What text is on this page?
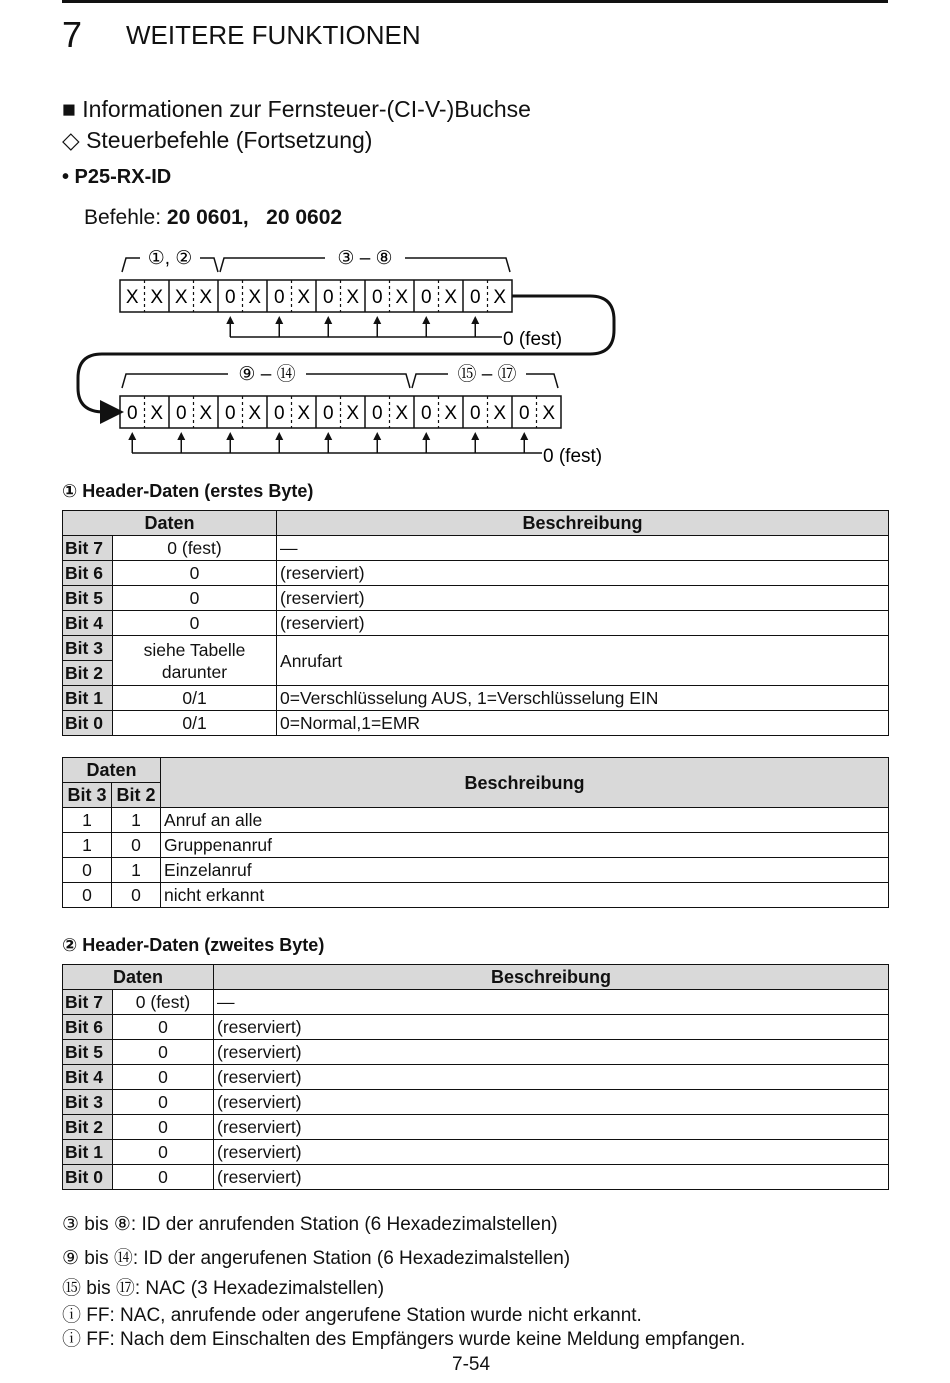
7 WEITERE FUNKTIONEN
■ Informationen zur Fernsteuer-(CI-V-)Buchse
◇ Steuerbefehle (Fortsetzung)
• P25-RX-ID
Befehle: 20 0601,   20 0602
①, ②	③ – ⑧
X X X X 0 X 0 X 0 X 0 X 0 X 0 X
0 (fest)
⑨ – ⑭	⑮ – ⑰
0 X 0 X 0 X 0 X 0 X 0 X 0 X 0 X 0 X
0 (fest)
① Header-Daten (erstes Byte)
Daten		Beschreibung
Bit 7	0 (fest)	—
Bit 6	0	(reserviert)
Bit 5	0	(reserviert)
Bit 4	0	(reserviert)
Bit 3	siehe Tabelle darunter	Anrufart
Bit 2		
Bit 1	0/1	0=Verschlüsselung AUS, 1=Verschlüsselung EIN
Bit 0	0/1	0=Normal,1=EMR
Daten		Beschreibung
Bit 3	Bit 2	
1	1	Anruf an alle
1	0	Gruppenanruf
0	1	Einzelanruf
0	0	nicht erkannt
② Header-Daten (zweites Byte)
Daten		Beschreibung
Bit 7	0 (fest)	—
Bit 6	0	(reserviert)
Bit 5	0	(reserviert)
Bit 4	0	(reserviert)
Bit 3	0	(reserviert)
Bit 2	0	(reserviert)
Bit 1	0	(reserviert)
Bit 0	0	(reserviert)
③ bis ⑧: ID der anrufenden Station (6 Hexadezimalstellen)
⑨ bis ⑭: ID der angerufenen Station (6 Hexadezimalstellen)
⑮ bis ⑰: NAC (3 Hexadezimalstellen)
ⓘ FF: NAC, anrufende oder angerufene Station wurde nicht erkannt.
ⓘ FF: Nach dem Einschalten des Empfängers wurde keine Meldung empfangen.
7-54
